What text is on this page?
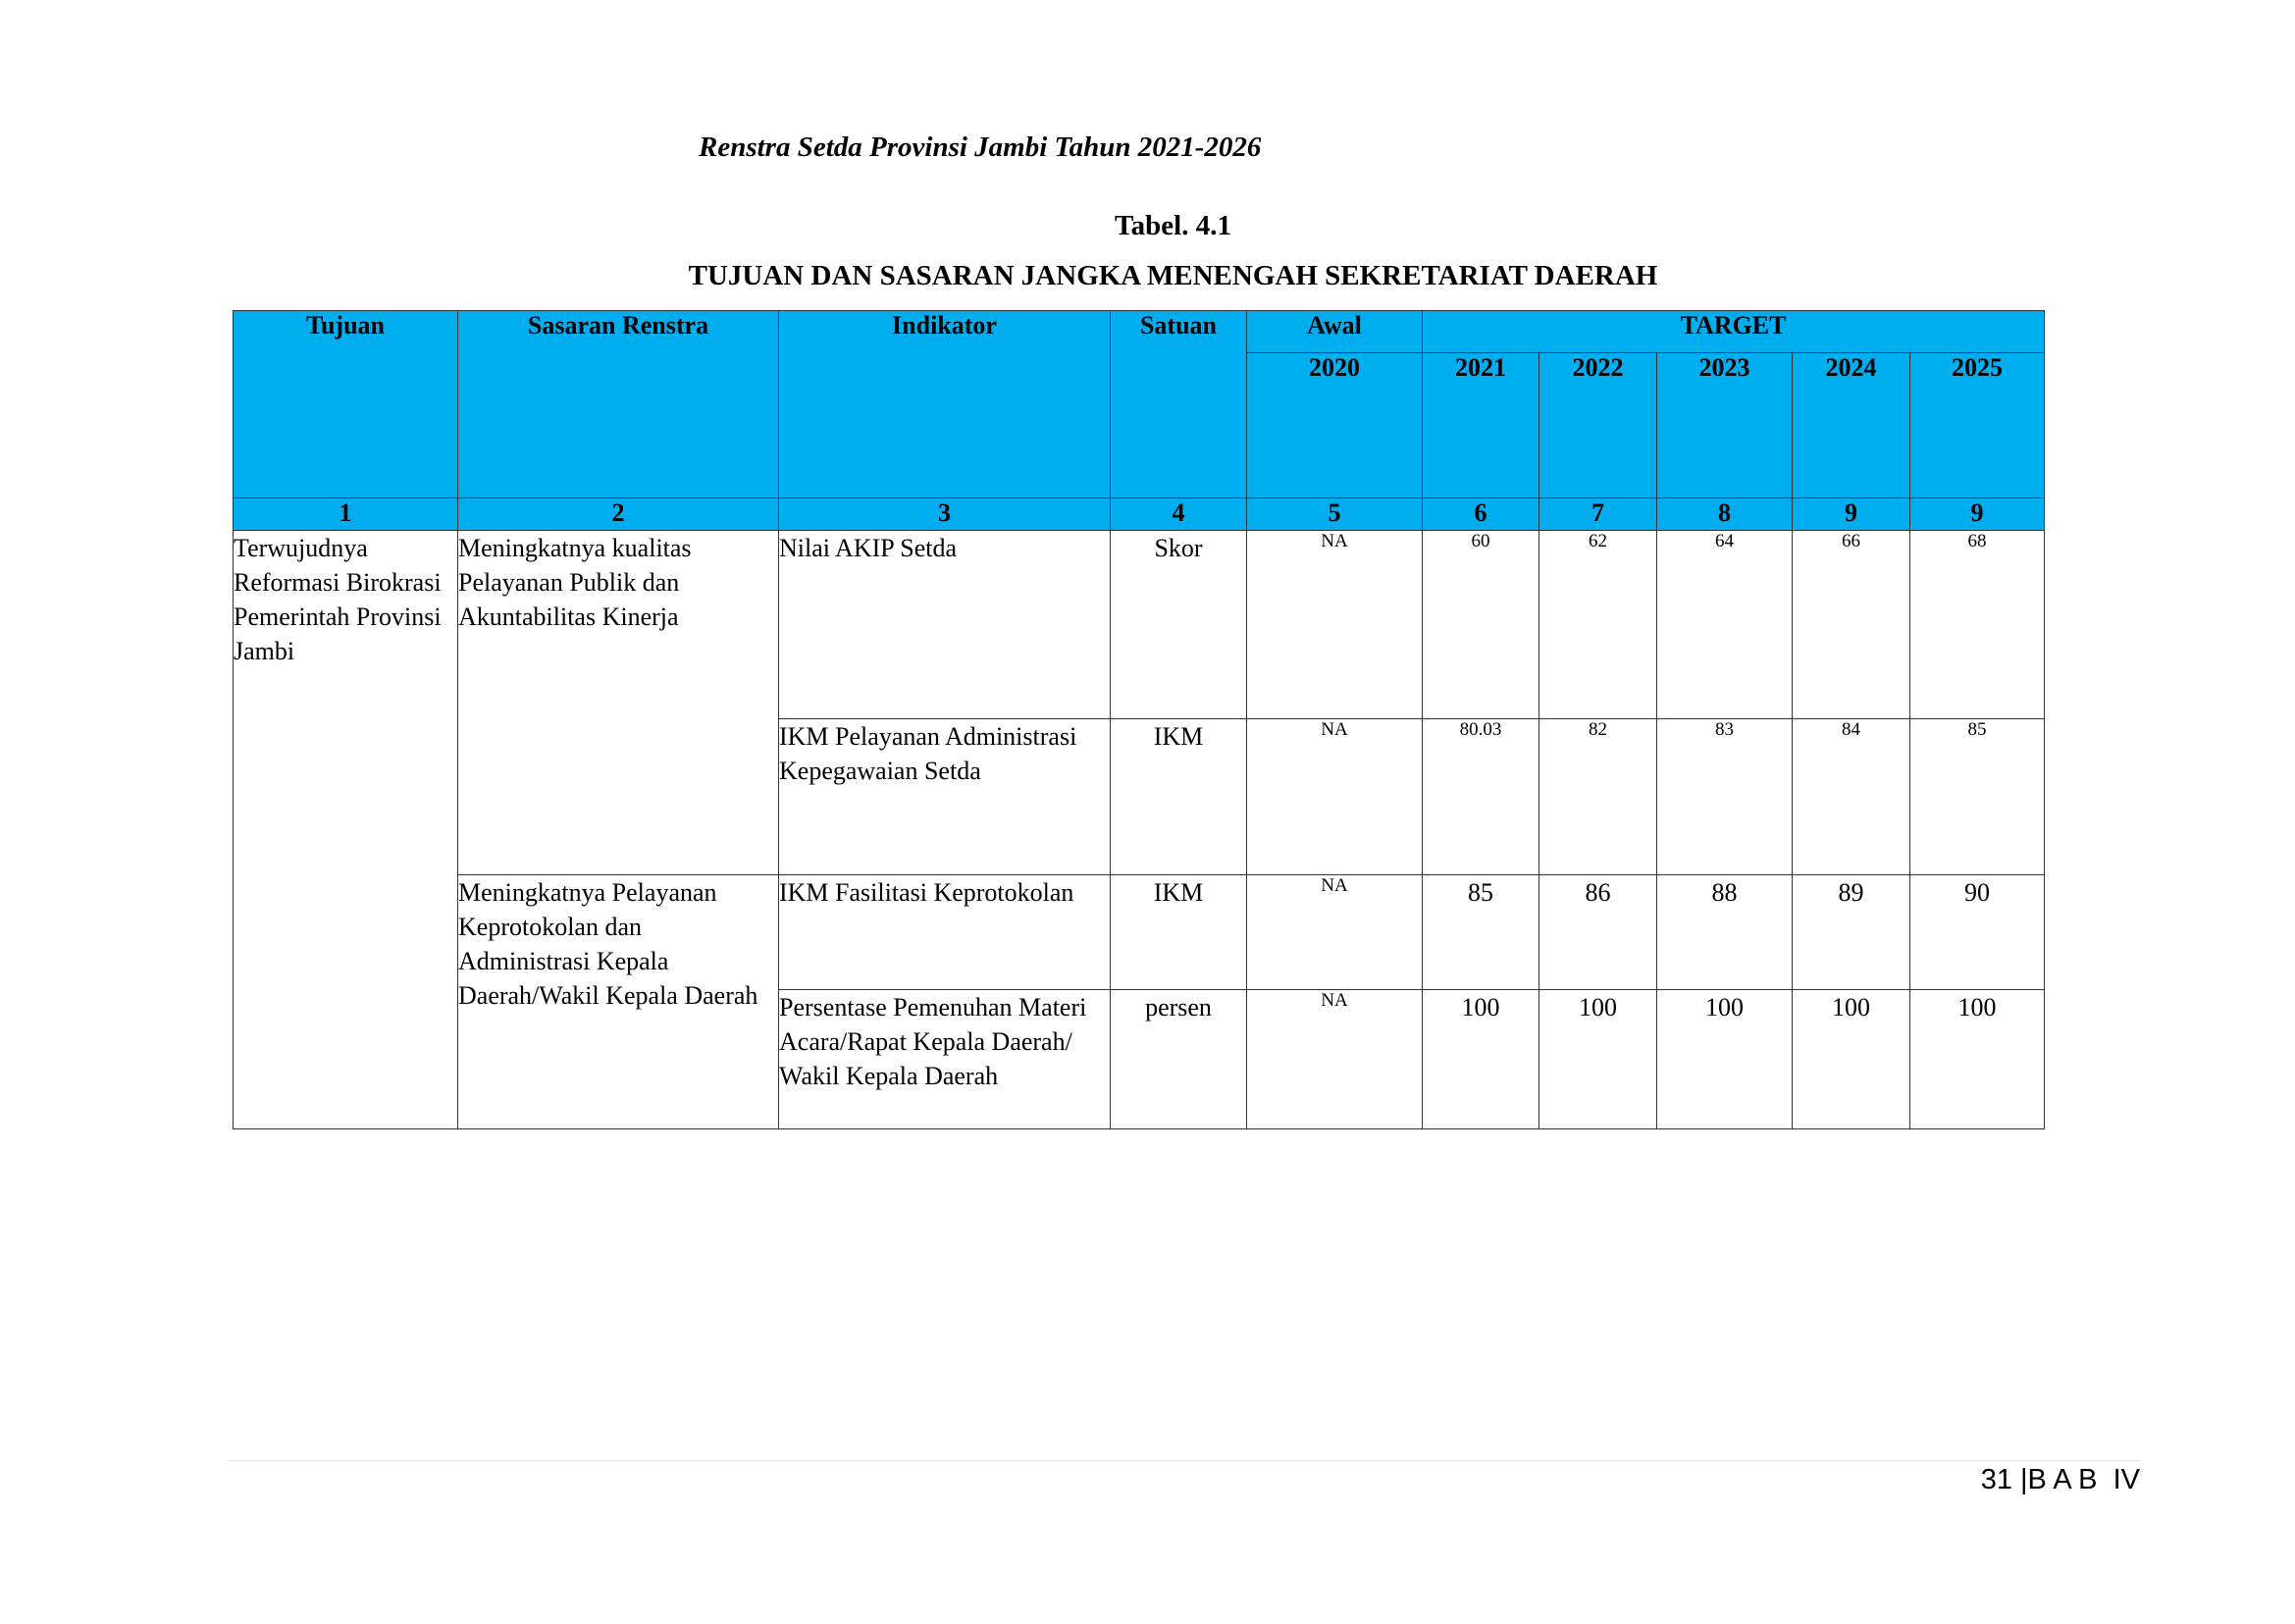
Renstra Setda Provinsi Jambi Tahun 2021-2026
Tabel. 4.1
TUJUAN DAN SASARAN JANGKA MENENGAH SEKRETARIAT DAERAH
Tujuan	Sasaran Renstra	Indikator	Satuan	Awal	TARGET				
				2020	2021	2022	2023	2024	2025
1	2	3	4	5	6	7	8	9	9
Terwujudnya Reformasi Birokrasi Pemerintah Provinsi Jambi	Meningkatnya kualitas Pelayanan Publik dan Akuntabilitas Kinerja	Nilai AKIP Setda	Skor	NA	60	62	64	66	68
		IKM Pelayanan Administrasi Kepegawaian Setda	IKM	NA	80.03	82	83	84	85
	Meningkatnya Pelayanan Keprotokolan dan Administrasi Kepala Daerah/Wakil Kepala Daerah	IKM Fasilitasi Keprotokolan	IKM	NA	85	86	88	89	90
		Persentase Pemenuhan Materi Acara/Rapat Kepala Daerah/ Wakil Kepala Daerah	persen	NA	100	100	100	100	100
31 |B A B  IV
